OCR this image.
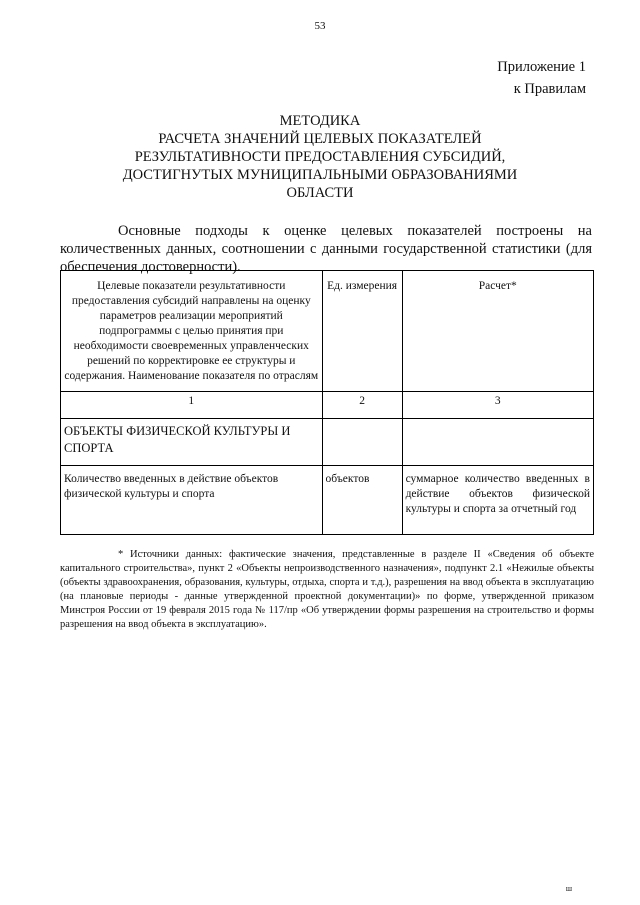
53
Приложение 1
к Правилам
МЕТОДИКА
РАСЧЕТА ЗНАЧЕНИЙ ЦЕЛЕВЫХ ПОКАЗАТЕЛЕЙ
РЕЗУЛЬТАТИВНОСТИ ПРЕДОСТАВЛЕНИЯ СУБСИДИЙ,
ДОСТИГНУТЫХ МУНИЦИПАЛЬНЫМИ ОБРАЗОВАНИЯМИ
ОБЛАСТИ
Основные подходы к оценке целевых показателей построены на количественных данных, соотношении с данными государственной статистики (для обеспечения достоверности).
Целевые показатели результативности предоставления субсидий направлены на оценку параметров реализации мероприятий подпрограммы с целью принятия при необходимости своевременных управленческих решений по корректировке ее структуры и содержания. Наименование показателя по отраслям	Ед. измерения	Расчет*
1	2	3
ОБЪЕКТЫ ФИЗИЧЕСКОЙ КУЛЬТУРЫ И СПОРТА		
Количество введенных в действие объектов физической культуры и спорта	объектов	суммарное количество введенных в действие объектов физической культуры и спорта за отчетный год
* Источники данных: фактические значения, представленные в разделе II «Сведения об объекте капитального строительства», пункт 2 «Объекты непроизводственного назначения», подпункт 2.1 «Нежилые объекты (объекты здравоохранения, образования, культуры, отдыха, спорта и т.д.), разрешения на ввод объекта в эксплуатацию (на плановые периоды - данные утвержденной проектной документации)» по форме, утвержденной приказом Минстроя России от 19 февраля 2015 года № 117/пр «Об утверждении формы разрешения на строительство и формы разрешения на ввод объекта в эксплуатацию».
ш
